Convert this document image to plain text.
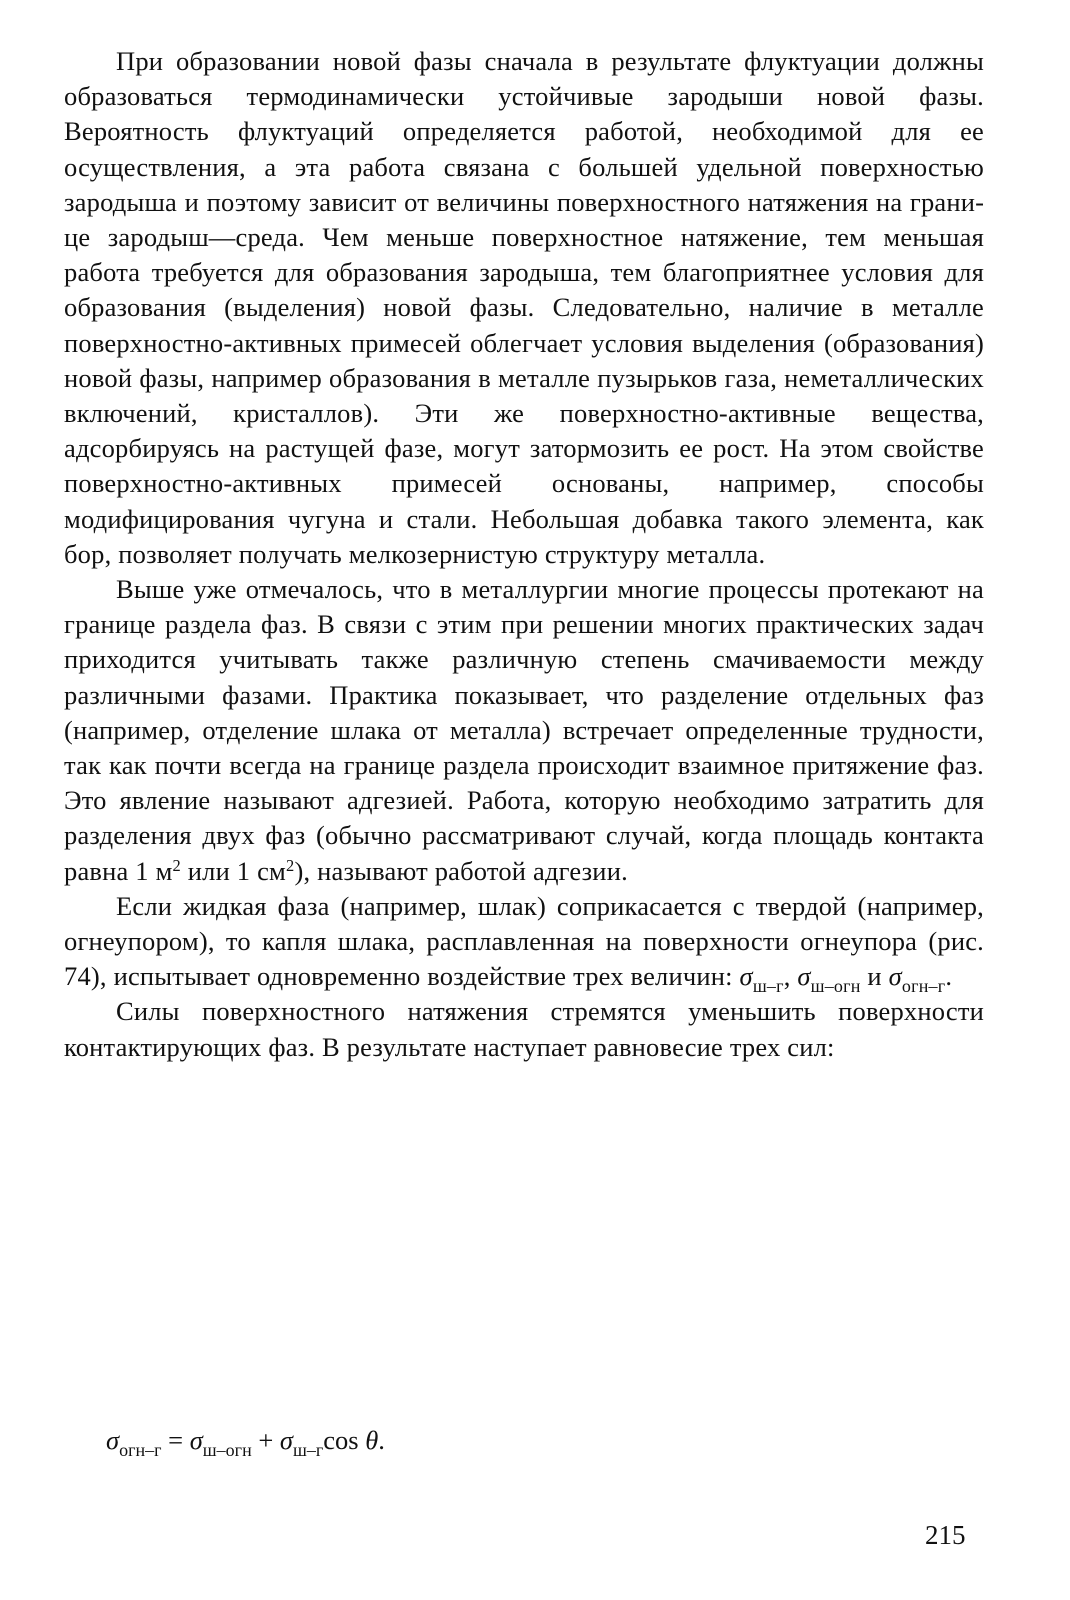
При образовании новой фазы сначала в результате флуктуации должны образоваться термодинамически устойчивые зародыши новой фазы. Вероятность флуктуаций определяется работой, необходимой для ее осуществления, а эта работа связана с большей удельной поверхностью зародыша и поэтому зависит от величины поверхностного натяжения на границе зародыш—среда. Чем меньше поверхностное натяжение, тем меньшая работа требуется для образования зародыша, тем благоприятнее условия для образования (выделения) новой фазы. Следовательно, наличие в металле поверхностно-активных примесей облегчает условия выделения (образования) новой фазы, например образования в металле пузырьков газа, неметаллических включений, кристаллов). Эти же поверхностно-активные вещества, адсорбируясь на растущей фазе, могут затормозить ее рост. На этом свойстве поверхностно-активных примесей основаны, например, способы модифицирования чугуна и стали. Небольшая добавка такого элемента, как бор, позволяет получать мелкозернистую структуру металла.

Выше уже отмечалось, что в металлургии многие процессы протекают на границе раздела фаз. В связи с этим при решении многих практических задач приходится учитывать также различную степень смачиваемости между различными фазами. Практика показывает, что разделение отдельных фаз (например, отделение шлака от металла) встречает определенные трудности, так как почти всегда на границе раздела происходит взаимное притяжение фаз. Это явление называют адгезией. Работа, которую необходимо затратить для разделения двух фаз (обычно рассматривают случай, когда площадь контакта равна 1 $м^2$ или 1 $см^2$), называют работой адгезии.

Если жидкая фаза (например, шлак) соприкасается с твердой (например, огнеупором), то капля шлака, расплавленная на поверхности огнеупора (рис. 74), испытывает одновременно воздействие трех величин: $\sigma_{ш-г}$, $\sigma_{ш-огн}$ и $\sigma_{огн-г}$.

Силы поверхностного натяжения стремятся уменьшить поверхности контактирующих фаз. В результате наступает равновесие трех сил:

$\sigma_{огн-г} = \sigma_{ш-огн} + \sigma_{ш-г}\cos$ θ.
215
